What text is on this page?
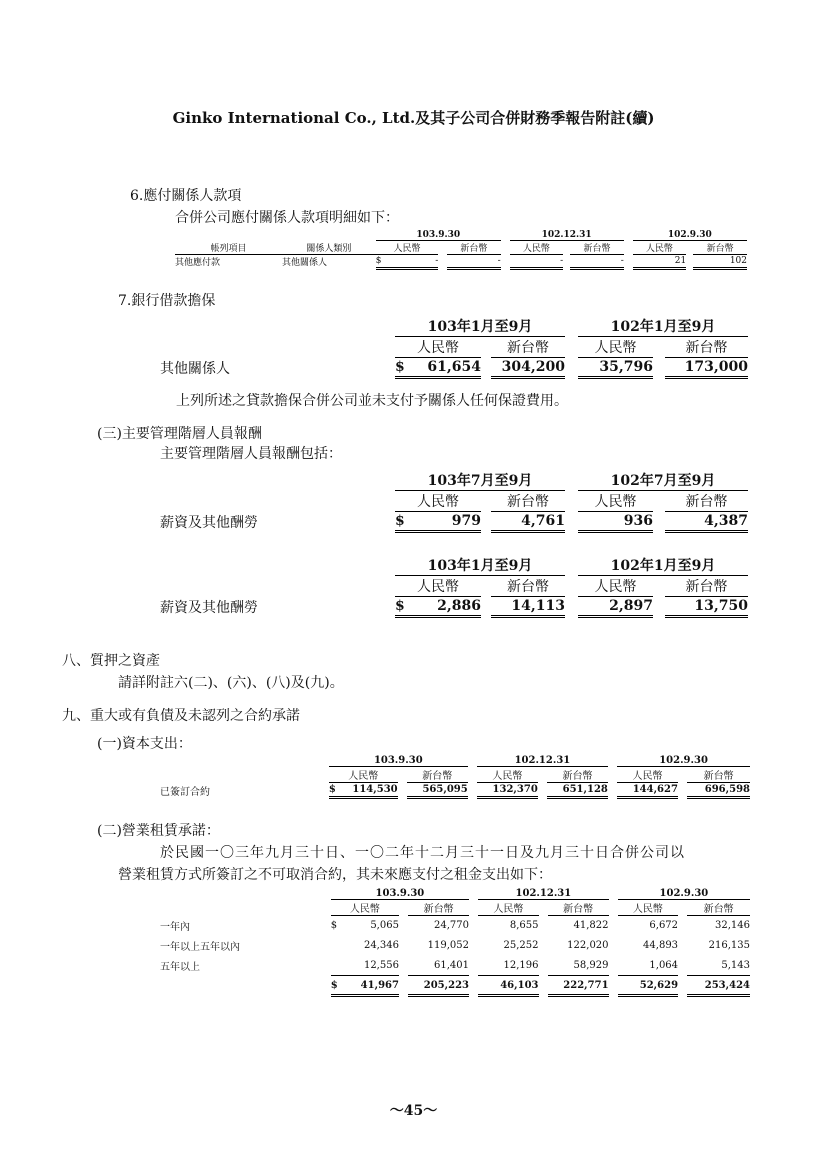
Ginko International Co., Ltd.及其子公司合併財務季報告附註(續)
6.應付關係人款項
合併公司應付關係人款項明細如下：
		103.9.30					102.12.31				102.9.30		
帳列項目	關係人類別	人民幣			新台幣		人民幣		新台幣		人民幣		新台幣
其他應付款	其他關係人	$	-		-		-		-		21		102
7.銀行借款擔保
	103年1月至9月					102年1月至9月		
	人民幣			新台幣		人民幣		新台幣
其他關係人	$	61,654		304,200		35,796		173,000
上列所述之貸款擔保合併公司並未支付予關係人任何保證費用。
(三)主要管理階層人員報酬
主要管理階層人員報酬包括：
	103年7月至9月					102年7月至9月		
	人民幣			新台幣		人民幣		新台幣
薪資及其他酬勞	$	979		4,761		936		4,387
	103年1月至9月					102年1月至9月		
	人民幣			新台幣		人民幣		新台幣
薪資及其他酬勞	$	2,886		14,113		2,897		13,750
八、質押之資產
請詳附註六(二)、(六)、(八)及(九)。
九、重大或有負債及未認列之合約承諾
(一)資本支出：
	103.9.30					102.12.31				102.9.30		
	人民幣			新台幣		人民幣		新台幣		人民幣		新台幣
已簽訂合約	$	114,530		565,095		132,370		651,128		144,627		696,598
(二)營業租賃承諾：
於民國一〇三年九月三十日、一〇二年十二月三十一日及九月三十日合併公司以
營業租賃方式所簽訂之不可取消合約，其未來應支付之租金支出如下：
	103.9.30					102.12.31				102.9.30		
	人民幣			新台幣		人民幣		新台幣		人民幣		新台幣
一年內	$	5,065		24,770		8,655		41,822		6,672		32,146
一年以上五年以內		24,346		119,052		25,252		122,020		44,893		216,135
五年以上		12,556		61,401		12,196		58,929		1,064		5,143
	$	41,967		205,223		46,103		222,771		52,629		253,424
～45～
